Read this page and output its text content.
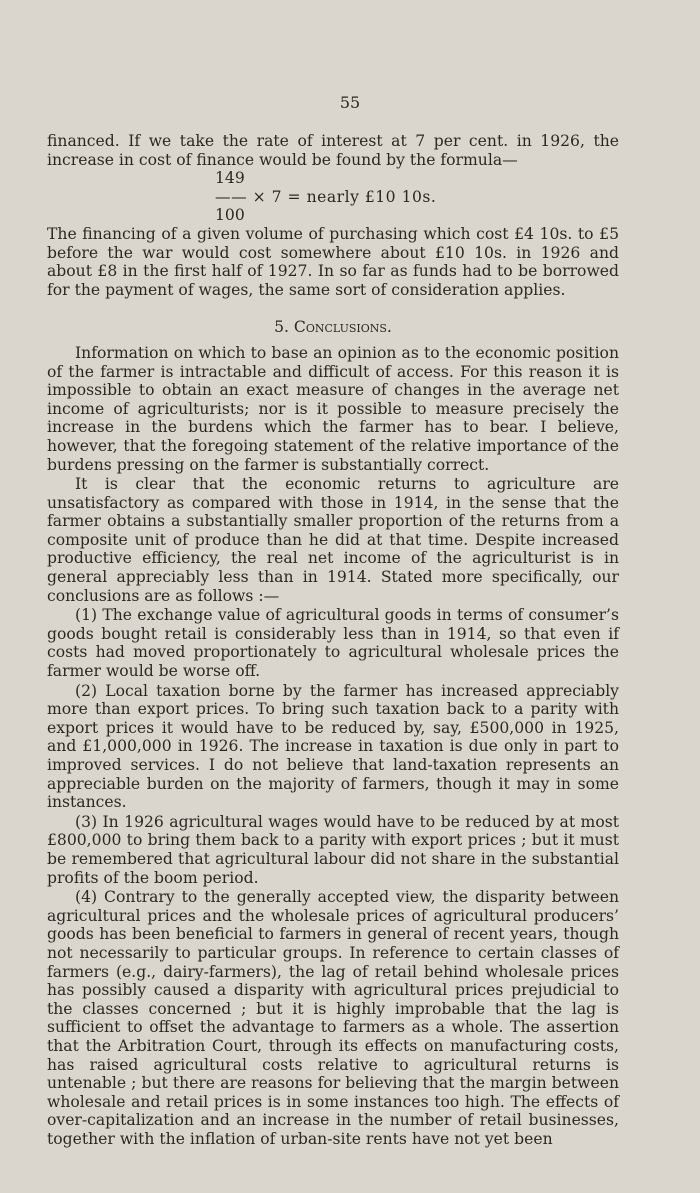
55

financed. If we take the rate of interest at 7 per cent. in 1926, the increase in cost of finance would be found by the formula—

149
—— × 7 = nearly £10 10s.
100

The financing of a given volume of purchasing which cost £4 10s. to £5 before the war would cost somewhere about £10 10s. in 1926 and about £8 in the first half of 1927. In so far as funds had to be borrowed for the payment of wages, the same sort of consideration applies.

5. Conclusions.

Information on which to base an opinion as to the economic position of the farmer is intractable and difficult of access. For this reason it is impossible to obtain an exact measure of changes in the average net income of agriculturists; nor is it possible to measure precisely the increase in the burdens which the farmer has to bear. I believe, however, that the foregoing statement of the relative importance of the burdens pressing on the farmer is substantially correct.

It is clear that the economic returns to agriculture are unsatisfactory as compared with those in 1914, in the sense that the farmer obtains a substantially smaller proportion of the returns from a composite unit of produce than he did at that time. Despite increased productive efficiency, the real net income of the agriculturist is in general appreciably less than in 1914. Stated more specifically, our conclusions are as follows :—

(1) The exchange value of agricultural goods in terms of consumer’s goods bought retail is considerably less than in 1914, so that even if costs had moved proportionately to agricultural wholesale prices the farmer would be worse off.

(2) Local taxation borne by the farmer has increased appreciably more than export prices. To bring such taxation back to a parity with export prices it would have to be reduced by, say, £500,000 in 1925, and £1,000,000 in 1926. The increase in taxation is due only in part to improved services. I do not believe that land-taxation represents an appreciable burden on the majority of farmers, though it may in some instances.

(3) In 1926 agricultural wages would have to be reduced by at most £800,000 to bring them back to a parity with export prices ; but it must be remembered that agricultural labour did not share in the substantial profits of the boom period.

(4) Contrary to the generally accepted view, the disparity between agricultural prices and the wholesale prices of agricultural producers’ goods has been beneficial to farmers in general of recent years, though not necessarily to particular groups. In reference to certain classes of farmers (e.g., dairy-farmers), the lag of retail behind wholesale prices has possibly caused a disparity with agricultural prices prejudicial to the classes concerned ; but it is highly improbable that the lag is sufficient to offset the advantage to farmers as a whole. The assertion that the Arbitration Court, through its effects on manufacturing costs, has raised agricultural costs relative to agricultural returns is untenable ; but there are reasons for believing that the margin between wholesale and retail prices is in some instances too high. The effects of over-capitalization and an increase in the number of retail businesses, together with the inflation of urban-site rents have not yet been
